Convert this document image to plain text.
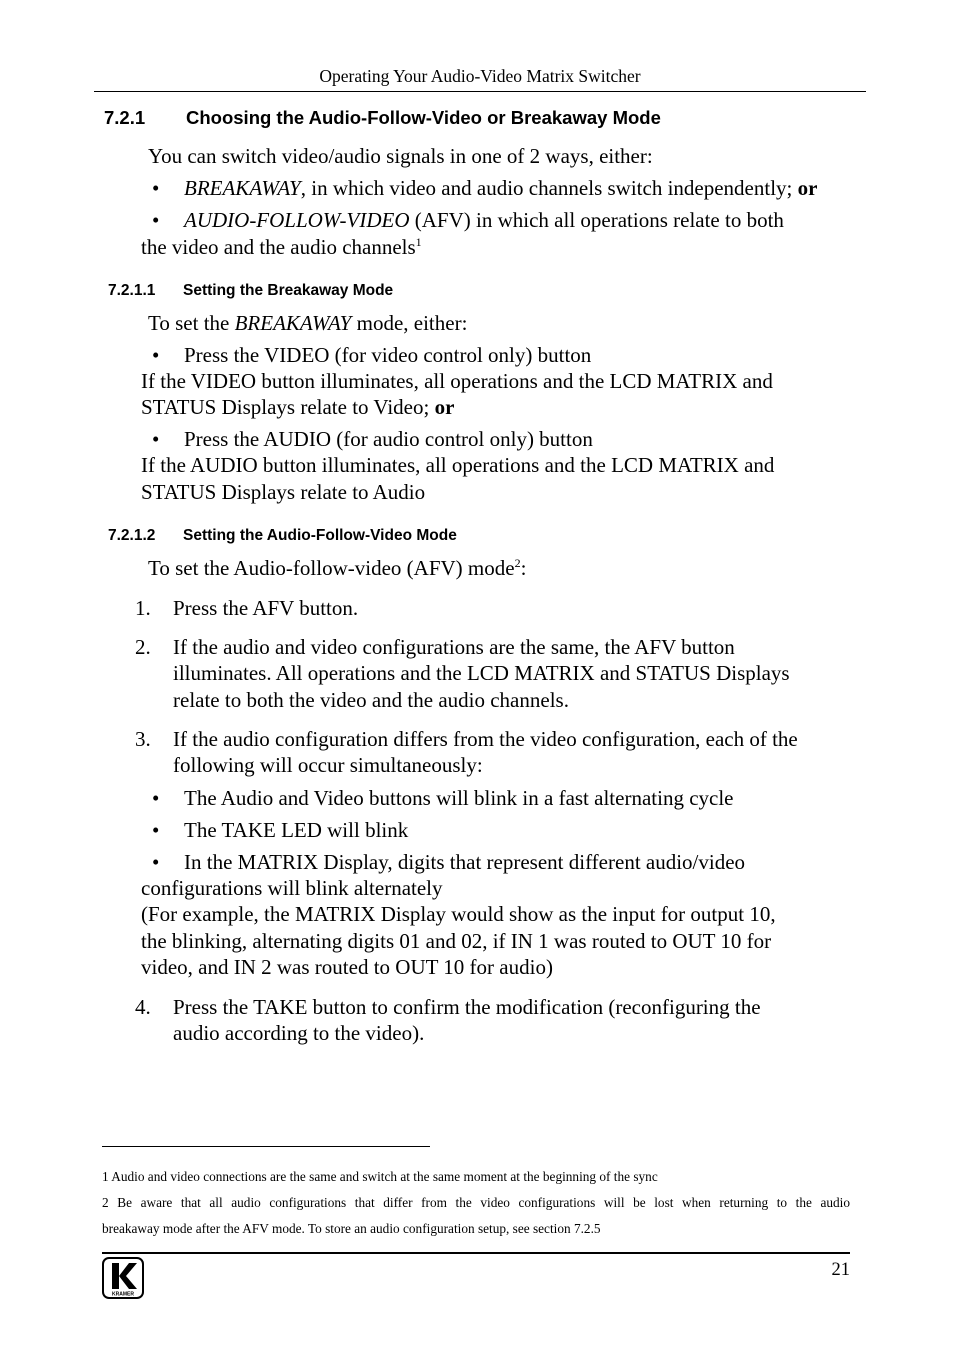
Operating Your Audio-Video Matrix Switcher
7.2.1 Choosing the Audio-Follow-Video or Breakaway Mode
You can switch video/audio signals in one of 2 ways, either:
• BREAKAWAY, in which video and audio channels switch independently; or
• AUDIO-FOLLOW-VIDEO (AFV) in which all operations relate to both
the video and the audio channels$^1$
7.2.1.1 Setting the Breakaway Mode
To set the BREAKAWAY mode, either:
• Press the VIDEO (for video control only) button
If the VIDEO button illuminates, all operations and the LCD MATRIX and
STATUS Displays relate to Video; or
• Press the AUDIO (for audio control only) button
If the AUDIO button illuminates, all operations and the LCD MATRIX and
STATUS Displays relate to Audio
7.2.1.2 Setting the Audio-Follow-Video Mode
To set the Audio-follow-video (AFV) mode$^2$:
1. Press the AFV button.
2. If the audio and video configurations are the same, the AFV button
illuminates. All operations and the LCD MATRIX and STATUS Displays
relate to both the video and the audio channels.
3. If the audio configuration differs from the video configuration, each of the
following will occur simultaneously:
• The Audio and Video buttons will blink in a fast alternating cycle
• The TAKE LED will blink
• In the MATRIX Display, digits that represent different audio/video
configurations will blink alternately
(For example, the MATRIX Display would show as the input for output 10,
the blinking, alternating digits 01 and 02, if IN 1 was routed to OUT 10 for
video, and IN 2 was routed to OUT 10 for audio)
4. Press the TAKE button to confirm the modification (reconfiguring the
audio according to the video).
1 Audio and video connections are the same and switch at the same moment at the beginning of the sync
2 Be aware that all audio configurations that differ from the video configurations will be lost when returning to the audio
breakaway mode after the AFV mode. To store an audio configuration setup, see section 7.2.5
21
KRAMER
